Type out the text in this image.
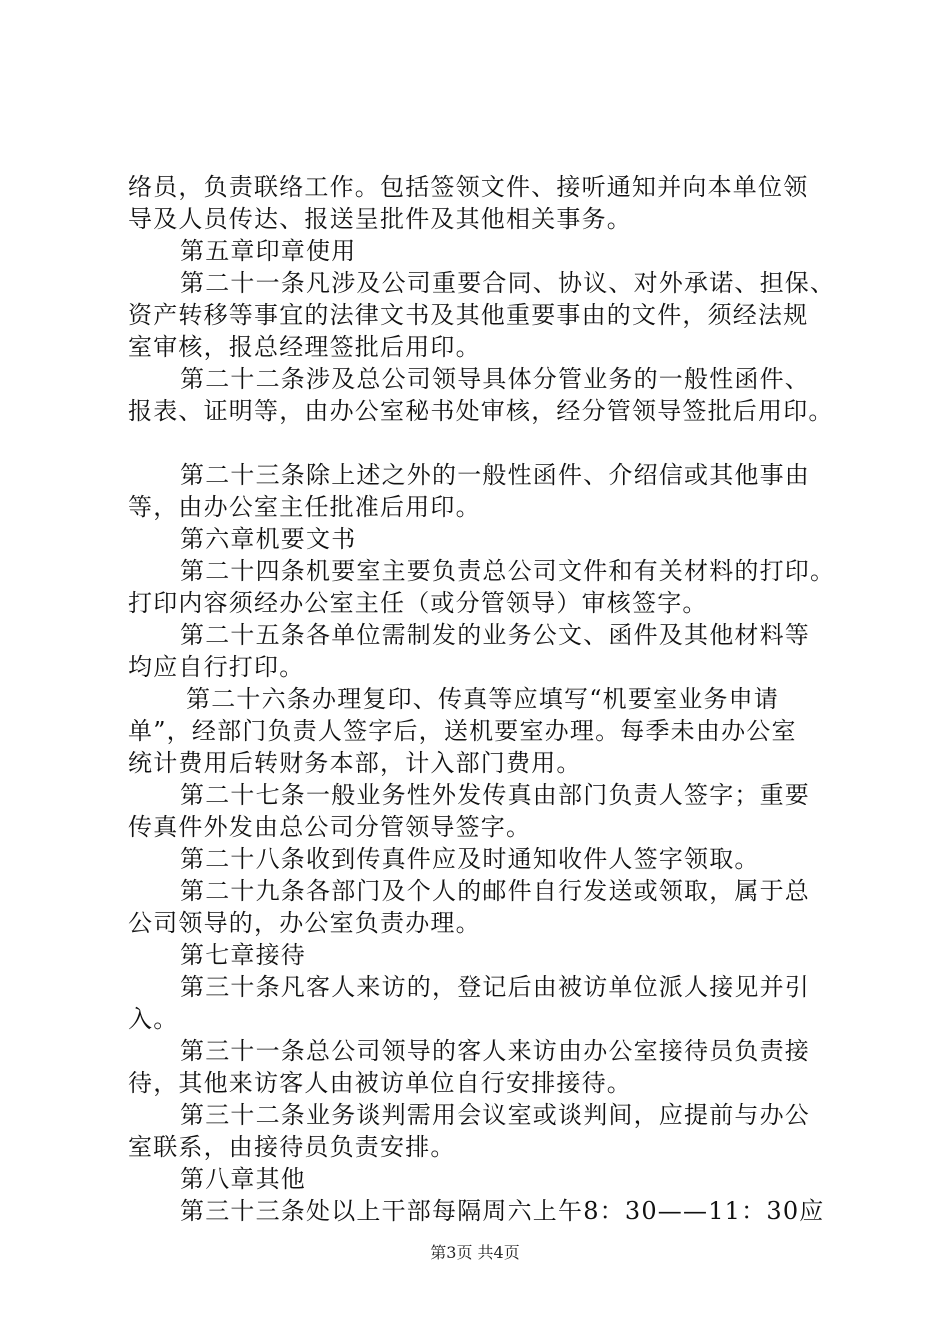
络员，负责联络工作。包括签领文件、接听通知并向本单位领
导及人员传达、报送呈批件及其他相关事务。
第五章印章使用
第二十一条凡涉及公司重要合同、协议、对外承诺、担保、
资产转移等事宜的法律文书及其他重要事由的文件，须经法规
室审核，报总经理签批后用印。
第二十二条涉及总公司领导具体分管业务的一般性函件、
报表、证明等，由办公室秘书处审核，经分管领导签批后用印。
第二十三条除上述之外的一般性函件、介绍信或其他事由
等，由办公室主任批准后用印。
第六章机要文书
第二十四条机要室主要负责总公司文件和有关材料的打印。
打印内容须经办公室主任（或分管领导）审核签字。
第二十五条各单位需制发的业务公文、函件及其他材料等
均应自行打印。
第二十六条办理复印、传真等应填写“机要室业务申请
单”，经部门负责人签字后，送机要室办理。每季未由办公室
统计费用后转财务本部，计入部门费用。
第二十七条一般业务性外发传真由部门负责人签字；重要
传真件外发由总公司分管领导签字。
第二十八条收到传真件应及时通知收件人签字领取。
第二十九条各部门及个人的邮件自行发送或领取，属于总
公司领导的，办公室负责办理。
第七章接待
第三十条凡客人来访的，登记后由被访单位派人接见并引
入。
第三十一条总公司领导的客人来访由办公室接待员负责接
待，其他来访客人由被访单位自行安排接待。
第三十二条业务谈判需用会议室或谈判间，应提前与办公
室联系，由接待员负责安排。
第八章其他
第三十三条处以上干部每隔周六上午8：30——11：30应
第3页 共4页
